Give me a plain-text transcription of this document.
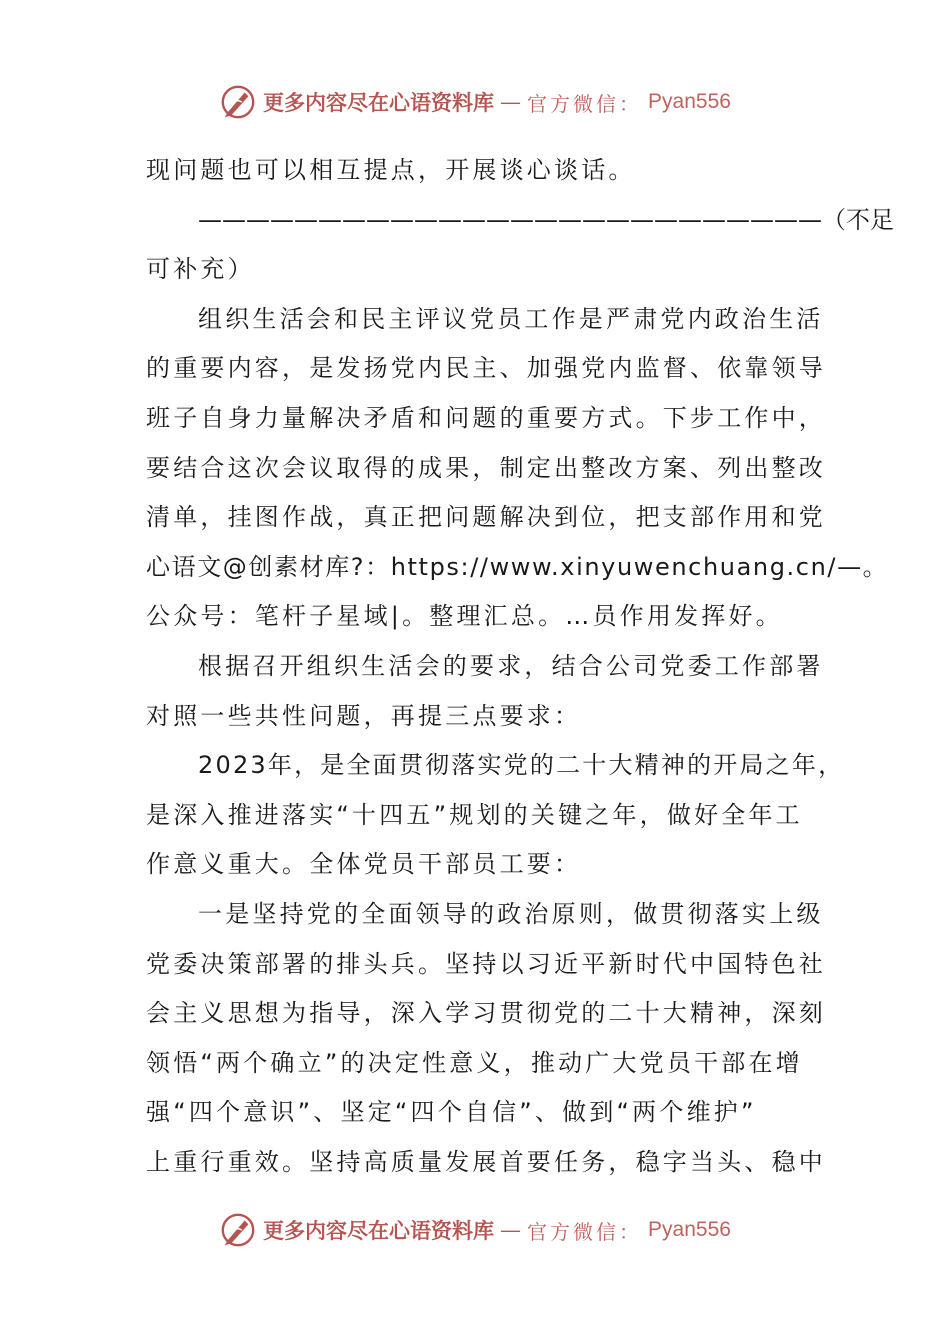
更多内容尽在心语资料库 — 官方微信： Pyan556
现问题也可以相互提点，开展谈心谈话。
——————————————————————————（不足
可补充）
组织生活会和民主评议党员工作是严肃党内政治生活
的重要内容，是发扬党内民主、加强党内监督、依靠领导
班子自身力量解决矛盾和问题的重要方式。下步工作中，
要结合这次会议取得的成果，制定出整改方案、列出整改
清单，挂图作战，真正把问题解决到位，把支部作用和党
心语文@创素材库?：https://www.xinyuwenchuang.cn/—。
公众号：笔杆子星域|。整理汇总。…员作用发挥好。
根据召开组织生活会的要求，结合公司党委工作部署
对照一些共性问题，再提三点要求：
2023年，是全面贯彻落实党的二十大精神的开局之年，
是深入推进落实“十四五”规划的关键之年，做好全年工
作意义重大。全体党员干部员工要：
一是坚持党的全面领导的政治原则，做贯彻落实上级
党委决策部署的排头兵。坚持以习近平新时代中国特色社
会主义思想为指导，深入学习贯彻党的二十大精神，深刻
领悟“两个确立”的决定性意义，推动广大党员干部在增
强“四个意识”、坚定“四个自信”、做到“两个维护”
上重行重效。坚持高质量发展首要任务，稳字当头、稳中
更多内容尽在心语资料库 — 官方微信： Pyan556
